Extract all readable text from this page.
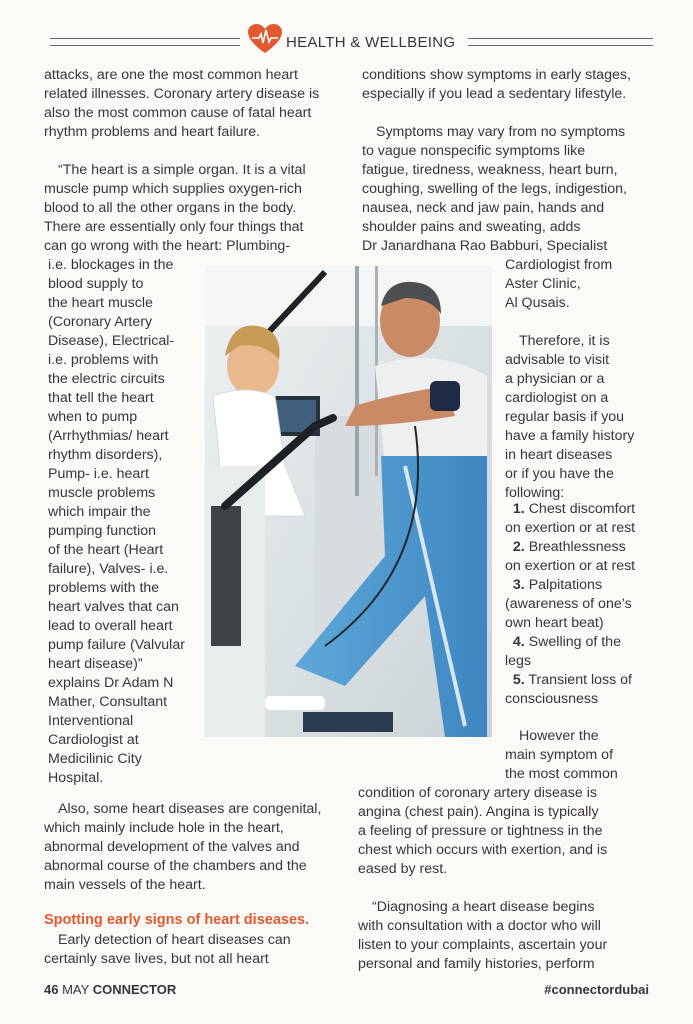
HEALTH & WELLBEING

attacks, are one the most common heart

related illnesses. Coronary artery disease is

also the most common cause of fatal heart

rhythm problems and heart failure.

“The heart is a simple organ. It is a vital

muscle pump which supplies oxygen-rich

blood to all the other organs in the body.

There are essentially only four things that

can go wrong with the heart: Plumbing-

i.e. blockages in the

blood supply to

the heart muscle

(Coronary Artery

Disease), Electrical-

i.e. problems with

the electric circuits

that tell the heart

when to pump

(Arrhythmias/ heart

rhythm disorders),

Pump- i.e. heart

muscle problems

which impair the

pumping function

of the heart (Heart

failure), Valves- i.e.

problems with the

heart valves that can

lead to overall heart

pump failure (Valvular

heart disease)”

explains Dr Adam N

Mather, Consultant

Interventional

Cardiologist at

Medicilinic City

Hospital.

Also, some heart diseases are congenital,

which mainly include hole in the heart,

abnormal development of the valves and

abnormal course of the chambers and the

main vessels of the heart.

Spotting early signs of heart diseases.

Early detection of heart diseases can

certainly save lives, but not all heart

conditions show symptoms in early stages,

especially if you lead a sedentary lifestyle.

Symptoms may vary from no symptoms

to vague nonspecific symptoms like

fatigue, tiredness, weakness, heart burn,

coughing, swelling of the legs, indigestion,

nausea, neck and jaw pain, hands and

shoulder pains and sweating, adds

Dr Janardhana Rao Babburi, Specialist

Cardiologist from

Aster Clinic,

Al Qusais.

Therefore, it is

advisable to visit

a physician or a

cardiologist on a

regular basis if you

have a family history

in heart diseases

or if you have the

following:

1. Chest discomfort

on exertion or at rest

2. Breathlessness

on exertion or at rest

3. Palpitations

(awareness of one’s

own heart beat)

4. Swelling of the

legs

5. Transient loss of

consciousness

However the

main symptom of

the most common

condition of coronary artery disease is

angina (chest pain). Angina is typically

a feeling of pressure or tightness in the

chest which occurs with exertion, and is

eased by rest.

“Diagnosing a heart disease begins

with consultation with a doctor who will

listen to your complaints, ascertain your

personal and family histories, perform

46 MAY CONNECTOR	#connectordubai
